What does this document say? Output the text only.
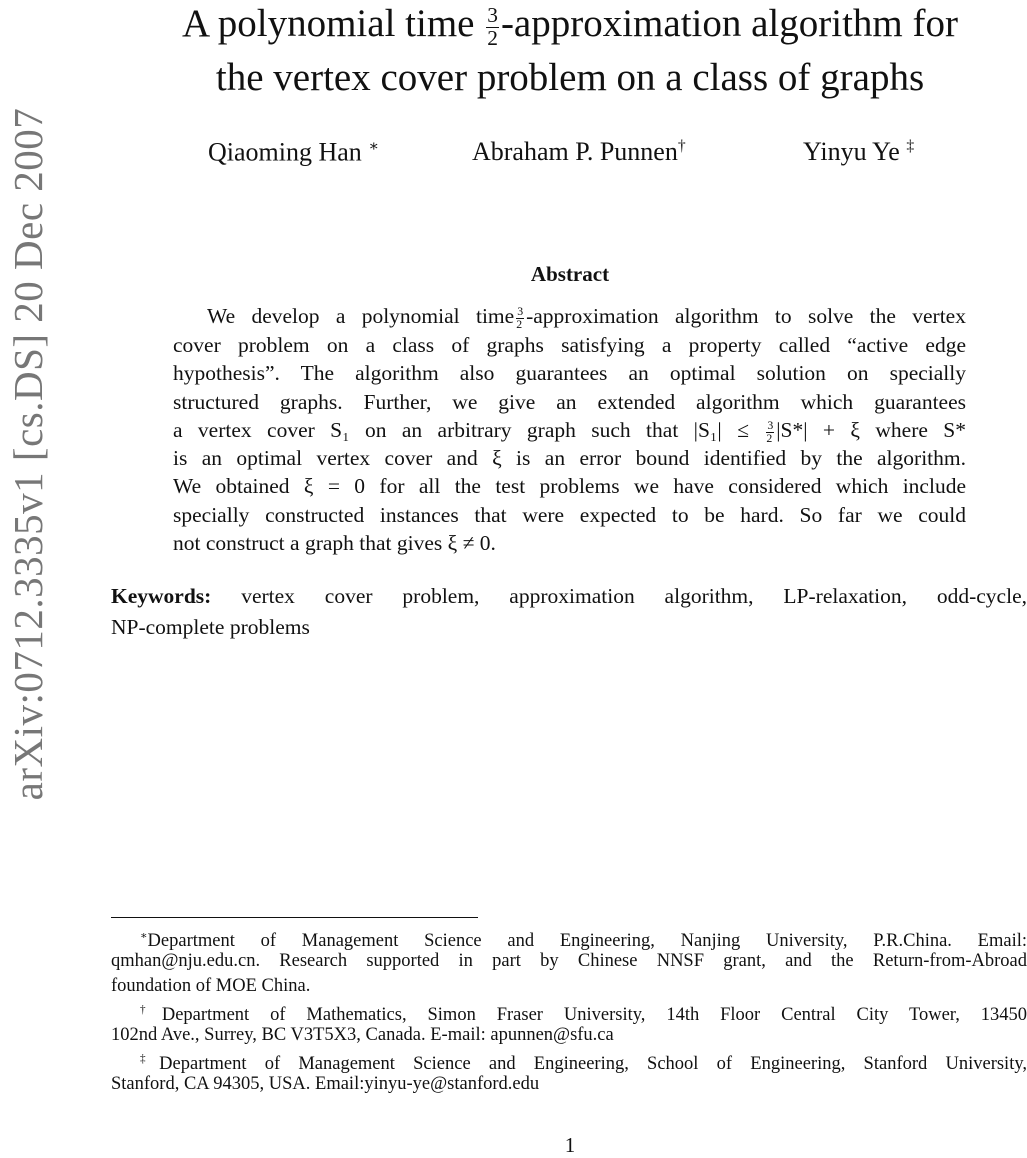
arXiv:0712.3335v1 [cs.DS] 20 Dec 2007
A polynomial time $\frac{3}{2}$ -approximation algorithm for
the vertex cover problem on a class of graphs
Qiaoming Han ∗	Abraham P. Punnen†	Yinyu Ye ‡
Abstract
We develop a polynomial time $\frac{3}{2}$ -approximation algorithm to solve the vertex
cover problem on a class of graphs satisfying a property called “active edge
hypothesis”. The algorithm also guarantees an optimal solution on specially
structured graphs. Further, we give an extended algorithm which guarantees
a vertex cover S₁ on an arbitrary graph such that $|S_1| \le \frac{3}{2} |S*| + \xi$ where S*
is an optimal vertex cover and ξ is an error bound identified by the algorithm.
We obtained ξ = 0 for all the test problems we have considered which include
specially constructed instances that were expected to be hard. So far we could
not construct a graph that gives ξ ≠ 0.
Keywords: vertex cover problem, approximation algorithm, LP-relaxation, odd-cycle,
NP-complete problems
∗Department of Management Science and Engineering, Nanjing University, P.R.China. Email:
qmhan@nju.edu.cn. Research supported in part by Chinese NNSF grant, and the Return-from-Abroad
foundation of MOE China.
†Department of Mathematics, Simon Fraser University, 14th Floor Central City Tower, 13450
102nd Ave., Surrey, BC V3T5X3, Canada. E-mail: apunnen@sfu.ca
‡Department of Management Science and Engineering, School of Engineering, Stanford University,
Stanford, CA 94305, USA. Email:yinyu-ye@stanford.edu
1
